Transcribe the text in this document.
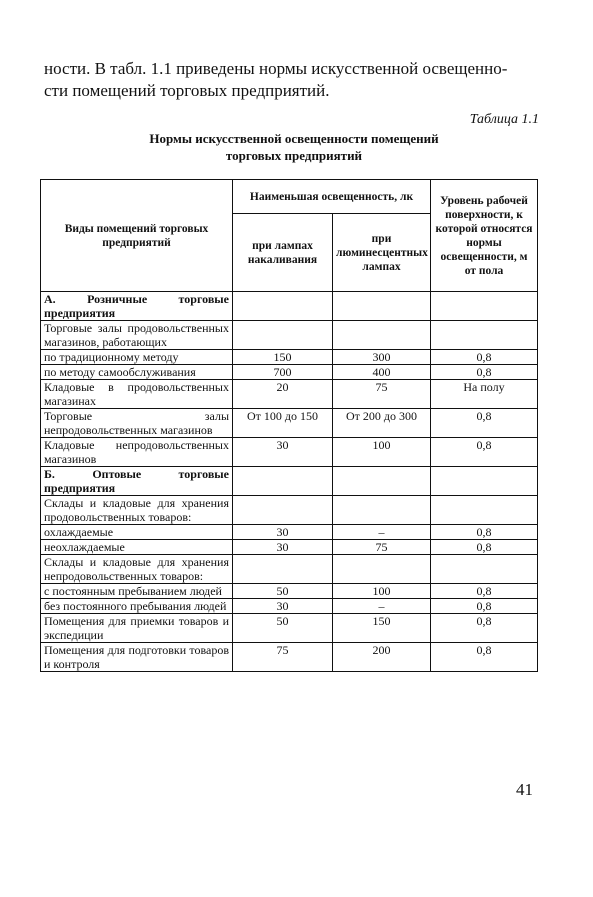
ности. В табл. 1.1 приведены нормы искусственной освещенно-
сти помещений торговых предприятий.
Таблица 1.1
Нормы искусственной освещенности помещений
торговых предприятий
Виды помещений торговых предприятий	Наименьшая освещенность, лк		Уровень рабочей поверхности, к которой относятся нормы освещенности, м от пола
	при лампах накаливания	при люминесцентных лампах	
А. Розничные торговые предприятия			
Торговые залы продовольственных магазинов, работающих			
по традиционному методу	150	300	0,8
по методу самообслуживания	700	400	0,8
Кладовые в продовольственных магазинах	20	75	На полу
Торговые залы непродовольственных магазинов	От 100 до 150	От 200 до 300	0,8
Кладовые непродовольственных магазинов	30	100	0,8
Б. Оптовые торговые предприятия			
Склады и кладовые для хранения продовольственных товаров:			
охлаждаемые	30	–	0,8
неохлаждаемые	30	75	0,8
Склады и кладовые для хранения непродовольственных товаров:			
с постоянным пребыванием людей	50	100	0,8
без постоянного пребывания людей	30	–	0,8
Помещения для приемки товаров и экспедиции	50	150	0,8
Помещения для подготовки товаров и контроля	75	200	0,8
41
